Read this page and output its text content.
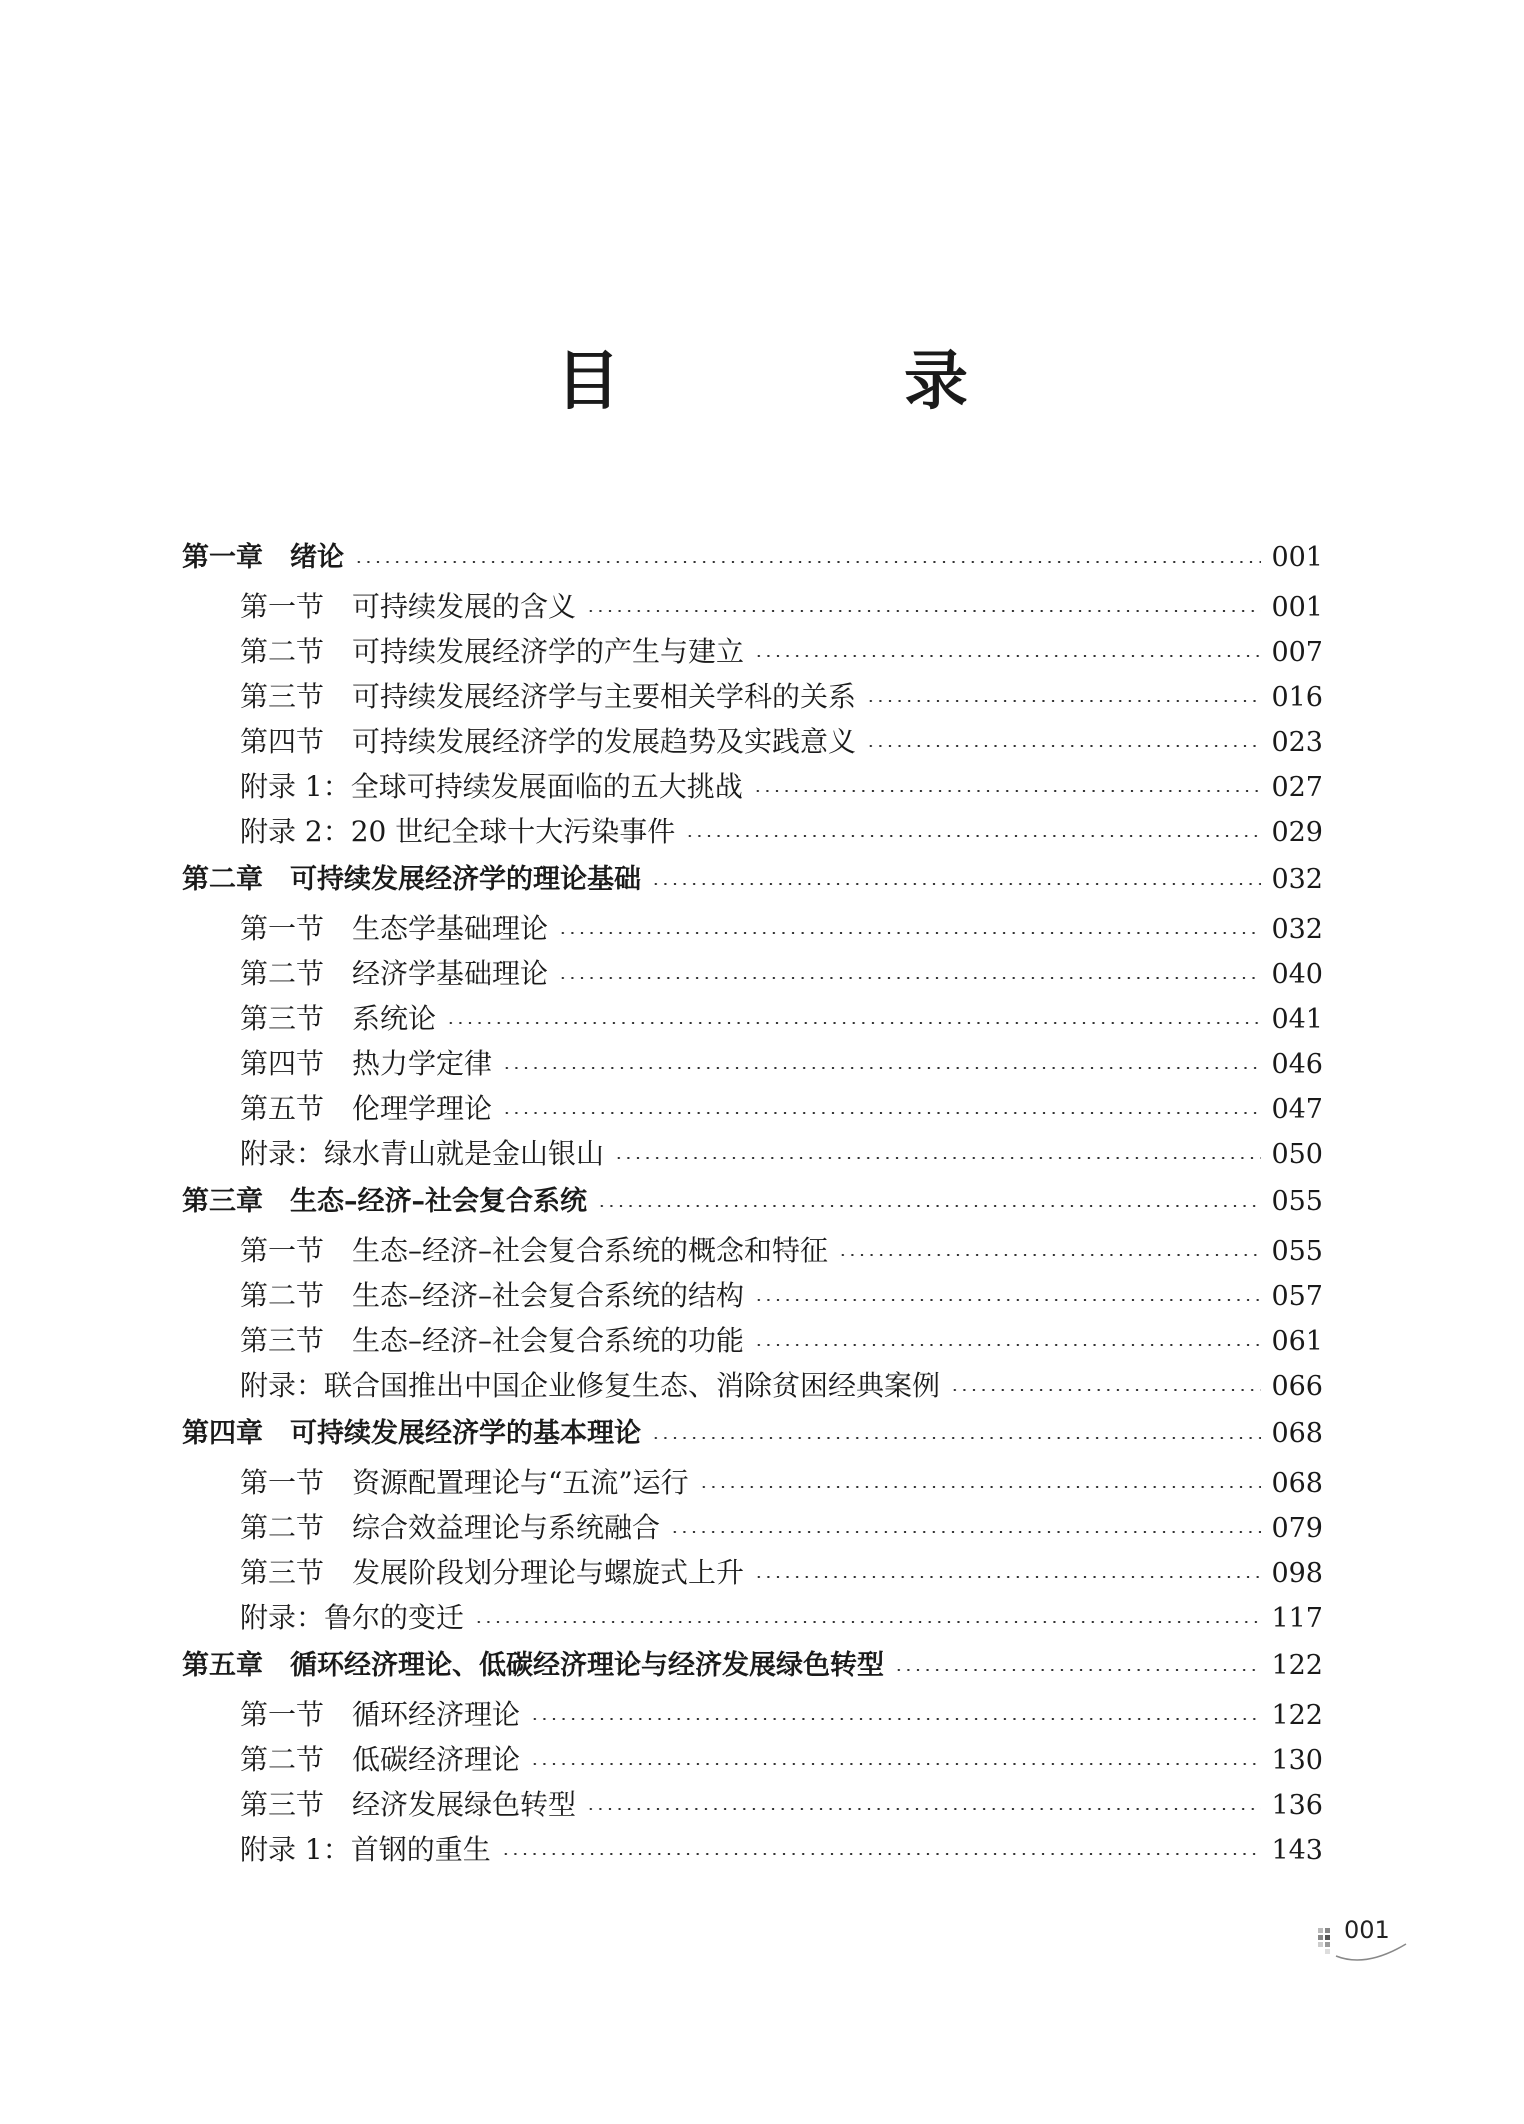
目　录
第一章　绪论	001
第一节　可持续发展的含义	001
第二节　可持续发展经济学的产生与建立	007
第三节　可持续发展经济学与主要相关学科的关系	016
第四节　可持续发展经济学的发展趋势及实践意义	023
附录 1：全球可持续发展面临的五大挑战	027
附录 2：20 世纪全球十大污染事件	029
第二章　可持续发展经济学的理论基础	032
第一节　生态学基础理论	032
第二节　经济学基础理论	040
第三节　系统论	041
第四节　热力学定律	046
第五节　伦理学理论	047
附录：绿水青山就是金山银山	050
第三章　生态–经济–社会复合系统	055
第一节　生态–经济–社会复合系统的概念和特征	055
第二节　生态–经济–社会复合系统的结构	057
第三节　生态–经济–社会复合系统的功能	061
附录：联合国推出中国企业修复生态、消除贫困经典案例	066
第四章　可持续发展经济学的基本理论	068
第一节　资源配置理论与“五流”运行	068
第二节　综合效益理论与系统融合	079
第三节　发展阶段划分理论与螺旋式上升	098
附录：鲁尔的变迁	117
第五章　循环经济理论、低碳经济理论与经济发展绿色转型	122
第一节　循环经济理论	122
第二节　低碳经济理论	130
第三节　经济发展绿色转型	136
附录 1：首钢的重生	143
001
